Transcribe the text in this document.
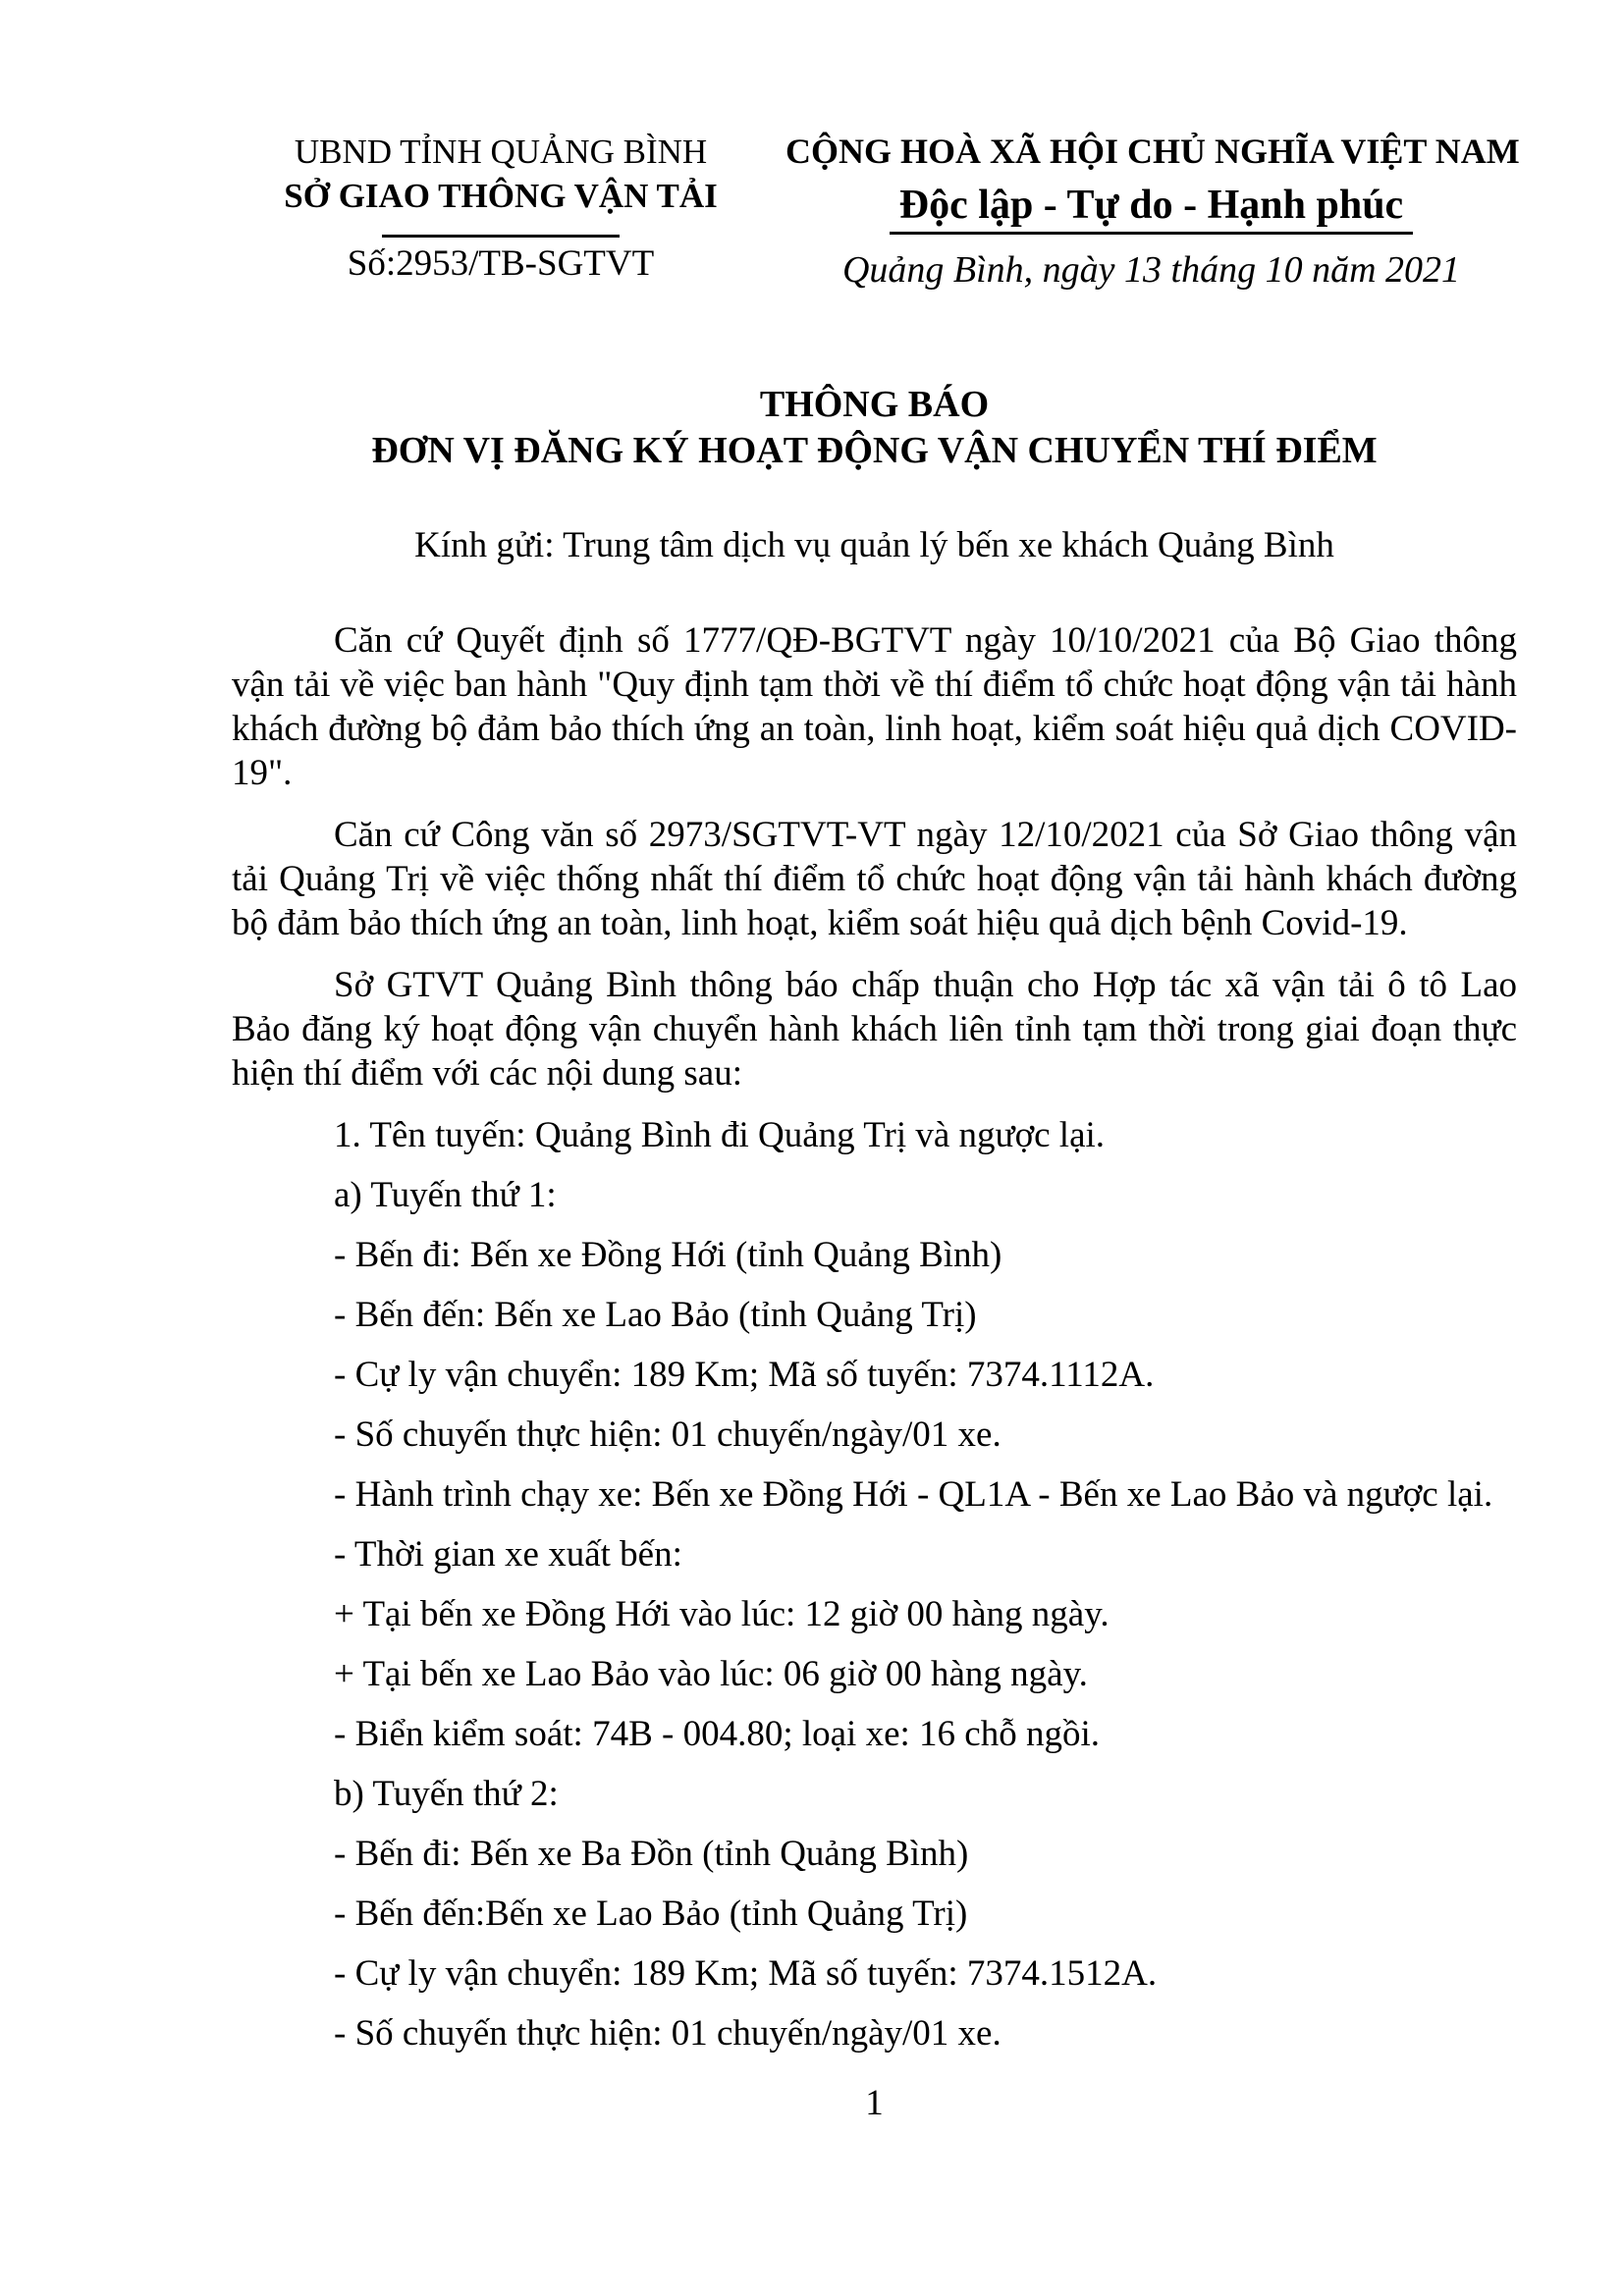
UBND TỈNH QUẢNG BÌNH
SỞ GIAO THÔNG VẬN TẢI
Số:2953/TB-SGTVT
CỘNG HOÀ XÃ HỘI CHỦ NGHĨA VIỆT NAM
Độc lập - Tự do - Hạnh phúc
Quảng Bình, ngày 13 tháng 10 năm 2021
THÔNG BÁO
ĐƠN VỊ ĐĂNG KÝ HOẠT ĐỘNG VẬN CHUYỂN THÍ ĐIỂM
Kính gửi: Trung tâm dịch vụ quản lý bến xe khách Quảng Bình

Căn cứ Quyết định số 1777/QĐ-BGTVT ngày 10/10/2021 của Bộ Giao thông vận tải về việc ban hành "Quy định tạm thời về thí điểm tổ chức hoạt động vận tải hành khách đường bộ đảm bảo thích ứng an toàn, linh hoạt, kiểm soát hiệu quả dịch COVID-19".

Căn cứ Công văn số 2973/SGTVT-VT ngày 12/10/2021 của Sở Giao thông vận tải Quảng Trị về việc thống nhất thí điểm tổ chức hoạt động vận tải hành khách đường bộ đảm bảo thích ứng an toàn, linh hoạt, kiểm soát hiệu quả dịch bệnh Covid-19.

Sở GTVT Quảng Bình thông báo chấp thuận cho Hợp tác xã vận tải ô tô Lao Bảo đăng ký hoạt động vận chuyển hành khách liên tỉnh tạm thời trong giai đoạn thực hiện thí điểm với các nội dung sau:

1. Tên tuyến: Quảng Bình đi Quảng Trị và ngược lại.

a) Tuyến thứ 1:

- Bến đi: Bến xe Đồng Hới (tỉnh Quảng Bình)

- Bến đến: Bến xe Lao Bảo (tỉnh Quảng Trị)

- Cự ly vận chuyển: 189 Km; Mã số tuyến: 7374.1112A.

- Số chuyến thực hiện: 01 chuyến/ngày/01 xe.

- Hành trình chạy xe: Bến xe Đồng Hới - QL1A - Bến xe Lao Bảo và ngược lại.

- Thời gian xe xuất bến:

+ Tại bến xe Đồng Hới vào lúc: 12 giờ 00 hàng ngày.

+ Tại bến xe Lao Bảo vào lúc: 06 giờ 00 hàng ngày.

- Biển kiểm soát: 74B - 004.80; loại xe: 16 chỗ ngồi.

b) Tuyến thứ 2:

- Bến đi: Bến xe Ba Đồn (tỉnh Quảng Bình)

- Bến đến:Bến xe Lao Bảo (tỉnh Quảng Trị)

- Cự ly vận chuyển: 189 Km; Mã số tuyến: 7374.1512A.

- Số chuyến thực hiện: 01 chuyến/ngày/01 xe.

1
